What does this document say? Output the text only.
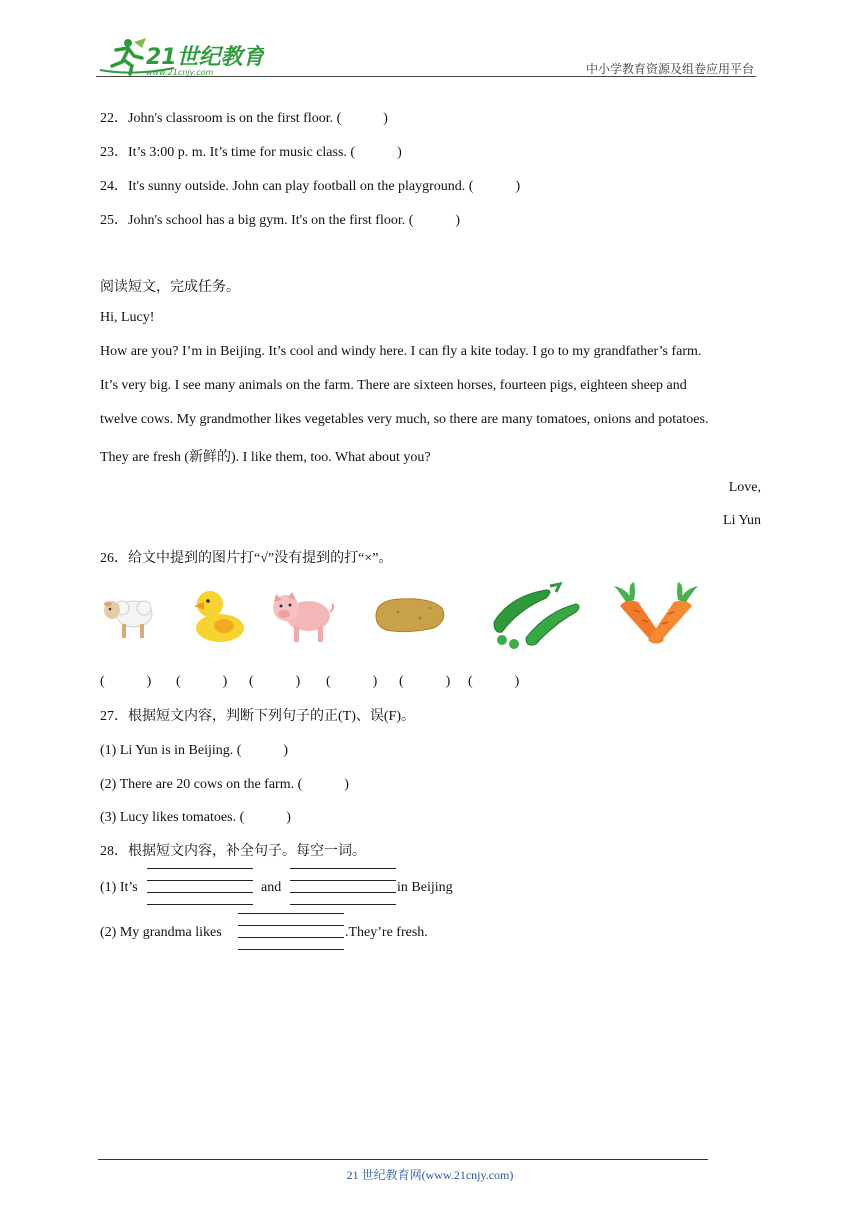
21世纪教育
www.21cnjy.com	中小学教育资源及组卷应用平台
22．John's classroom is on the first floor. (　　　)
23．It’s 3:00 p. m. It’s time for music class. (　　　)
24．It's sunny outside. John can play football on the playground. (　　　)
25．John's school has a big gym. It's on the first floor. (　　　)
阅读短文，完成任务。
Hi, Lucy!
How are you? I’m in Beijing. It’s cool and windy here. I can fly a kite today. I go to my grandfather’s farm.
It’s very big. I see many animals on the farm. There are sixteen horses, fourteen pigs, eighteen sheep and
twelve cows. My grandmother likes vegetables very much, so there are many tomatoes, onions and potatoes.
They are fresh (新鲜的). I like them, too. What about you?
Love,
Li Yun
26．给文中提到的图片打“√”没有提到的打“×”。
(　　　) (　　　) (　　　) (　　　) (　　　) (　　　)
27．根据短文内容，判断下列句子的正(T)、误(F)。
(1) Li Yun is in Beijing. (　　　)
(2) There are 20 cows on the farm. (　　　)
(3) Lucy likes tomatoes. (　　　)
28．根据短文内容，补全句子。每空一词。
(1) It’s	and	in Beijing
(2) My grandma likes	.They’re fresh.
21 世纪教育网(www.21cnjy.com)
